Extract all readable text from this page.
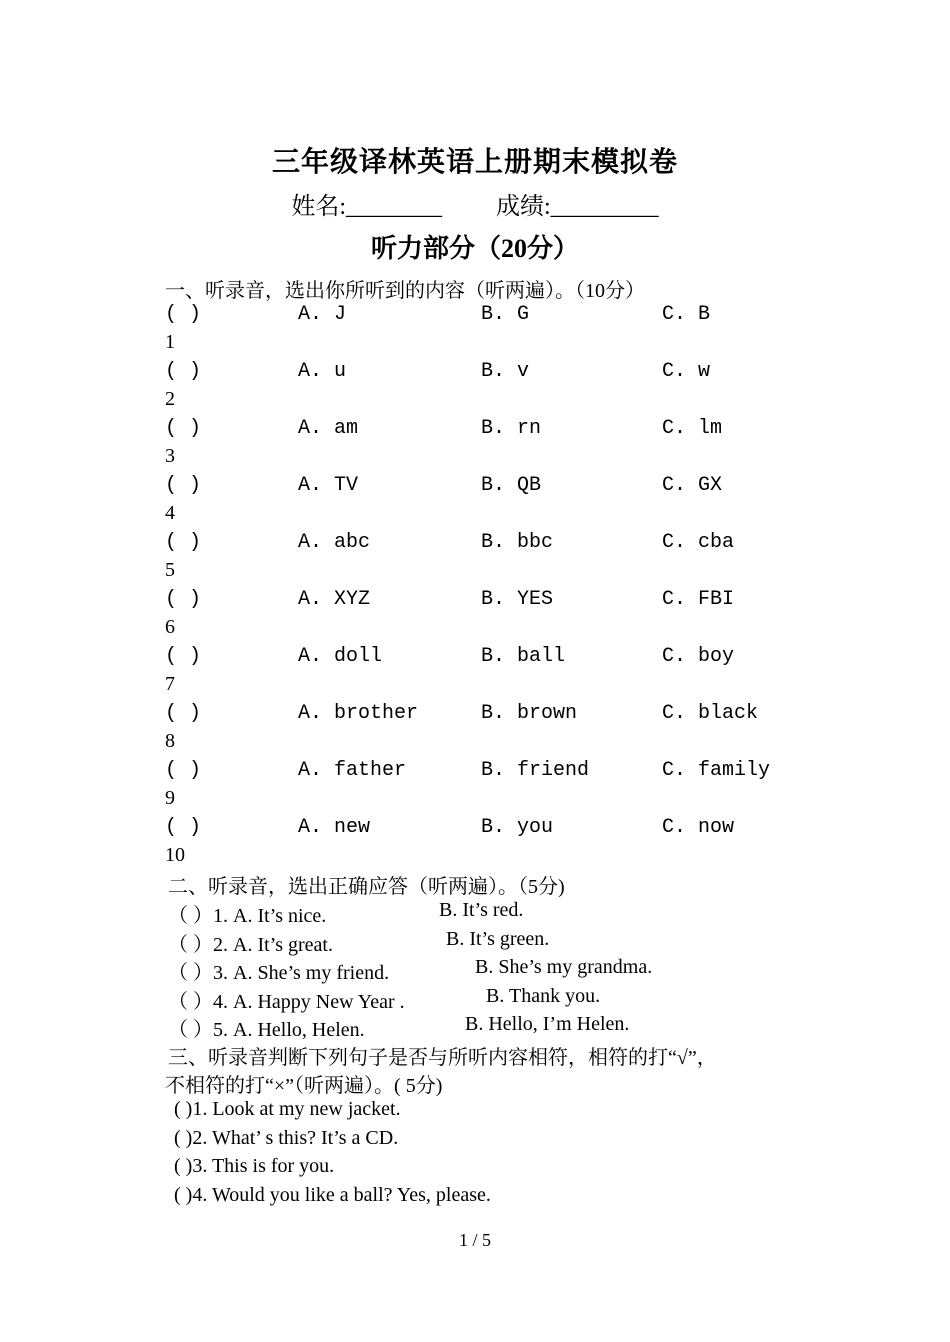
三年级译林英语上册期末模拟卷
姓名:________ 成绩:_________
听力部分（20分）
一、听录音，选出你所听到的内容（听两遍）。（10分）
( )
1
A. J	B. G	C. B
( )
2
A. u	B. v	C. w
( )
3
A. am	B. rn	C. lm
( )
4
A. TV	B. QB	C. GX
( )
5
A. abc	B. bbc	C. cba
( )
6
A. XYZ	B. YES	C. FBI
( )
7
A. doll	B. ball	C. boy
( )
8
A. brother	B. brown	C. black
( )
9
A. father	B. friend	C. family
( )
10
A. new	B. you	C. now
二、听录音，选出正确应答（听两遍）。（5分)
（ ）1. A. It’s nice.	B. It’s red.
（ ）2. A. It’s great.	B. It’s green.
（ ）3. A. She’s my friend.	B. She’s my grandma.
（ ）4. A. Happy New Year .	B. Thank you.
（ ）5. A. Hello, Helen.	B. Hello, I’m Helen.
三、听录音判断下列句子是否与所听内容相符，相符的打“√”，
不相符的打“×”（听两遍）。( 5分)
( )1. Look at my new jacket.
( )2. What’ s this? It’s a CD.
( )3. This is for you.
( )4. Would you like a ball? Yes, please.
1 / 5
